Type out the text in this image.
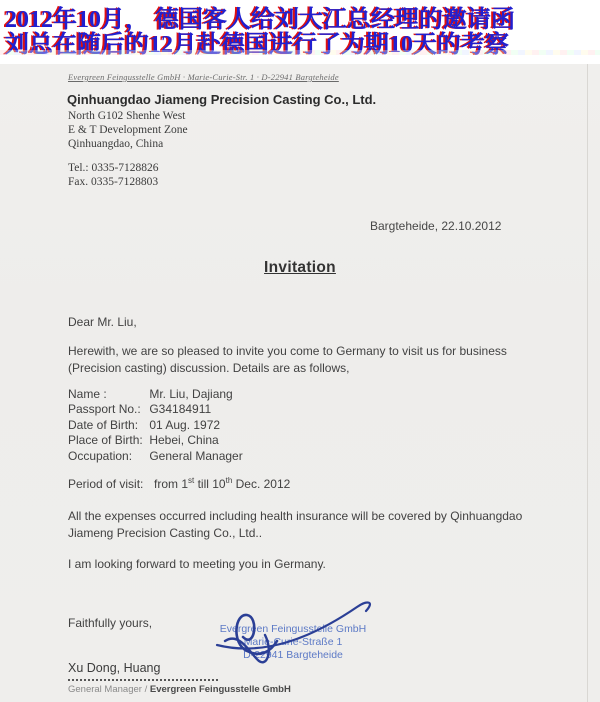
2012年10月， 德国客人给刘大江总经理的邀请函
刘总在随后的12月赴德国进行了为期10天的考察
Evergreen Feingusstelle GmbH · Marie-Curie-Str. 1 · D-22941 Bargteheide
Qinhuangdao Jiameng Precision Casting Co., Ltd.
North G102 Shenhe West
E & T Development Zone
Qinhuangdao, China
Tel.: 0335-7128826
Fax. 0335-7128803
Bargteheide, 22.10.2012
Invitation
Dear Mr. Liu,
Herewith, we are so pleased to invite you come to Germany to visit us for business (Precision casting) discussion. Details are as follows,
Name :	Mr. Liu, Dajiang
Passport No.: G34184911
Date of Birth: 01 Aug. 1972
Place of Birth: Hebei, China
Occupation: General Manager
Period of visit: from 1st till 10th Dec. 2012
All the expenses occurred including health insurance will be covered by Qinhuangdao Jiameng Precision Casting Co., Ltd..
I am looking forward to meeting you in Germany.
Faithfully yours,	Evergreen Feingusstelle GmbH
Marie-Curie-Straße 1
D-22941 Bargteheide
Xu Dong, Huang
General Manager / Evergreen Feingusstelle GmbH
